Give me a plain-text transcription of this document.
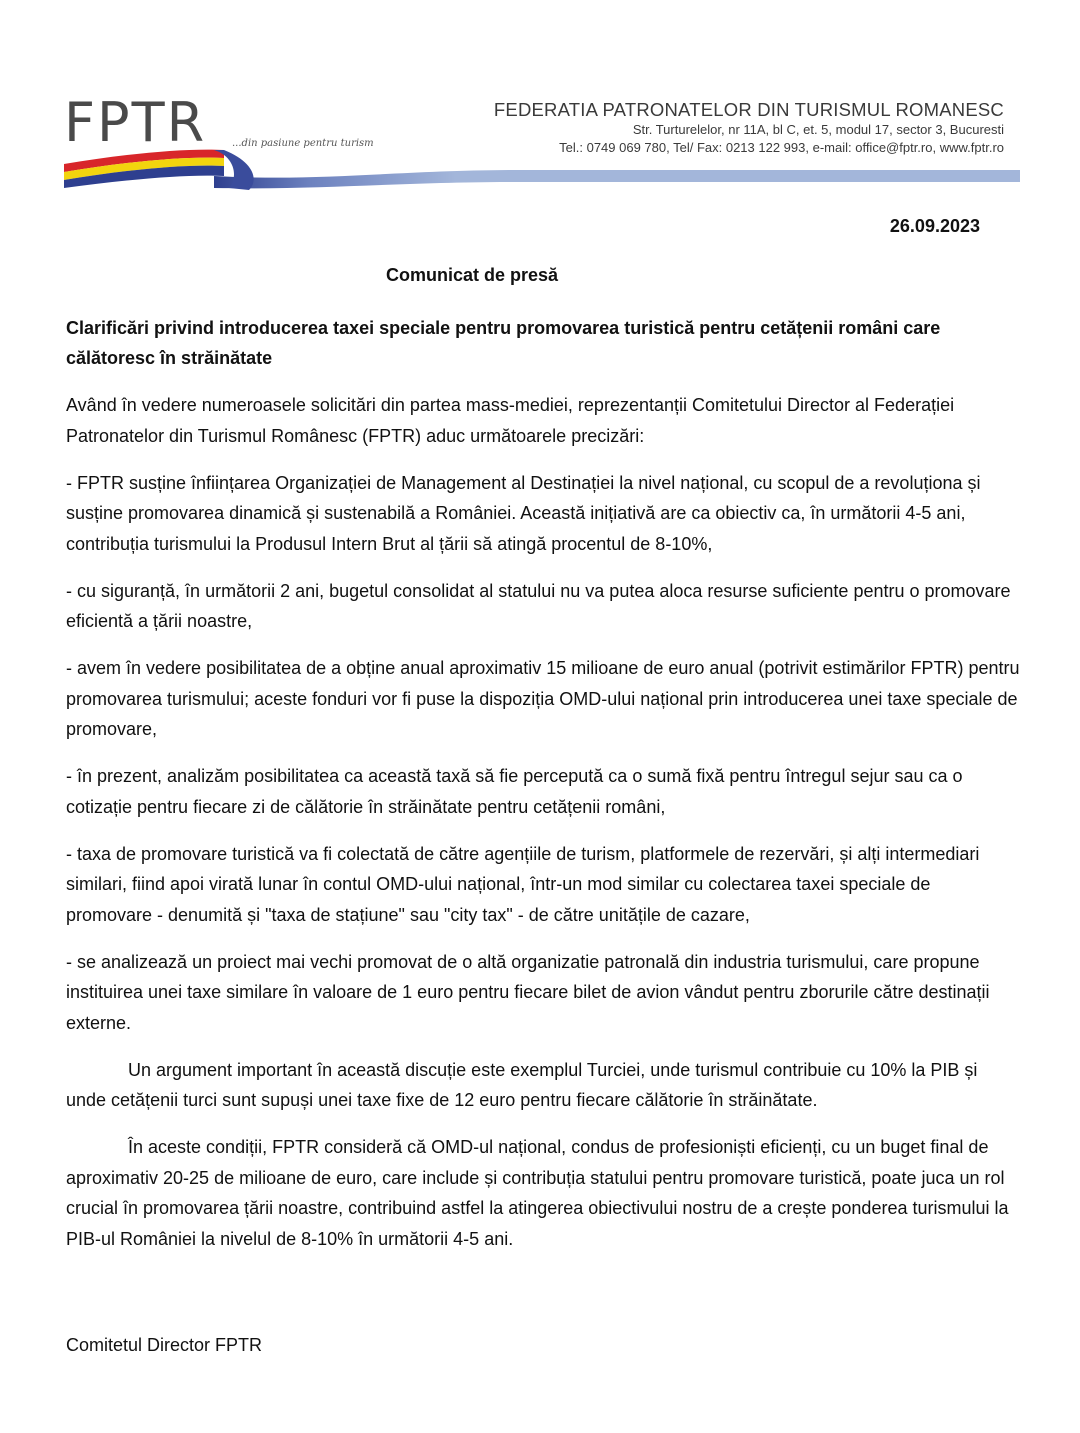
FPTR	...din pasiune pentru turism
FEDERATIA PATRONATELOR DIN TURISMUL ROMANESC
Str. Turturelelor, nr 11A, bl C, et. 5, modul 17, sector 3, Bucuresti
Tel.: 0749 069 780, Tel/ Fax: 0213 122 993, e-mail: office@fptr.ro, www.fptr.ro
26.09.2023
Comunicat de presă
Clarificări privind introducerea taxei speciale pentru promovarea turistică pentru cetățenii români care călătoresc în străinătate

Având în vedere numeroasele solicitări din partea mass-mediei, reprezentanții Comitetului Director al Federației Patronatelor din Turismul Românesc (FPTR) aduc următoarele precizări:

- FPTR susține înființarea Organizației de Management al Destinației la nivel național, cu scopul de a revoluționa și susține promovarea dinamică și sustenabilă a României. Această inițiativă are ca obiectiv ca, în următorii 4-5 ani, contribuția turismului la Produsul Intern Brut al țării să atingă procentul de 8-10%,

- cu siguranță, în următorii 2 ani, bugetul consolidat al statului nu va putea aloca resurse suficiente pentru o promovare eficientă a țării noastre,

- avem în vedere posibilitatea de a obține anual aproximativ 15 milioane de euro anual (potrivit estimărilor FPTR) pentru promovarea turismului; aceste fonduri vor fi puse la dispoziția OMD-ului național prin introducerea unei taxe speciale de promovare,

- în prezent, analizăm posibilitatea ca această taxă să fie percepută ca o sumă fixă pentru întregul sejur sau ca o cotizație pentru fiecare zi de călătorie în străinătate pentru cetățenii români,

- taxa de promovare turistică va fi colectată de către agențiile de turism, platformele de rezervări, și alți intermediari similari, fiind apoi virată lunar în contul OMD-ului național, într-un mod similar cu colectarea taxei speciale de promovare - denumită și "taxa de stațiune" sau "city tax" - de către unitățile de cazare,

- se analizează un proiect mai vechi promovat de o altă organizatie patronală din industria turismului, care propune instituirea unei taxe similare în valoare de 1 euro pentru fiecare bilet de avion vândut pentru zborurile către destinații externe.

Un argument important în această discuție este exemplul Turciei, unde turismul contribuie cu 10% la PIB și unde cetățenii turci sunt supuși unei taxe fixe de 12 euro pentru fiecare călătorie în străinătate.

În aceste condiții, FPTR consideră că OMD-ul național, condus de profesioniști eficienți, cu un buget final de aproximativ 20-25 de milioane de euro, care include și contribuția statului pentru promovare turistică, poate juca un rol crucial în promovarea țării noastre, contribuind astfel la atingerea obiectivului nostru de a crește ponderea turismului la PIB-ul României la nivelul de 8-10% în următorii 4-5 ani.

Comitetul Director FPTR
